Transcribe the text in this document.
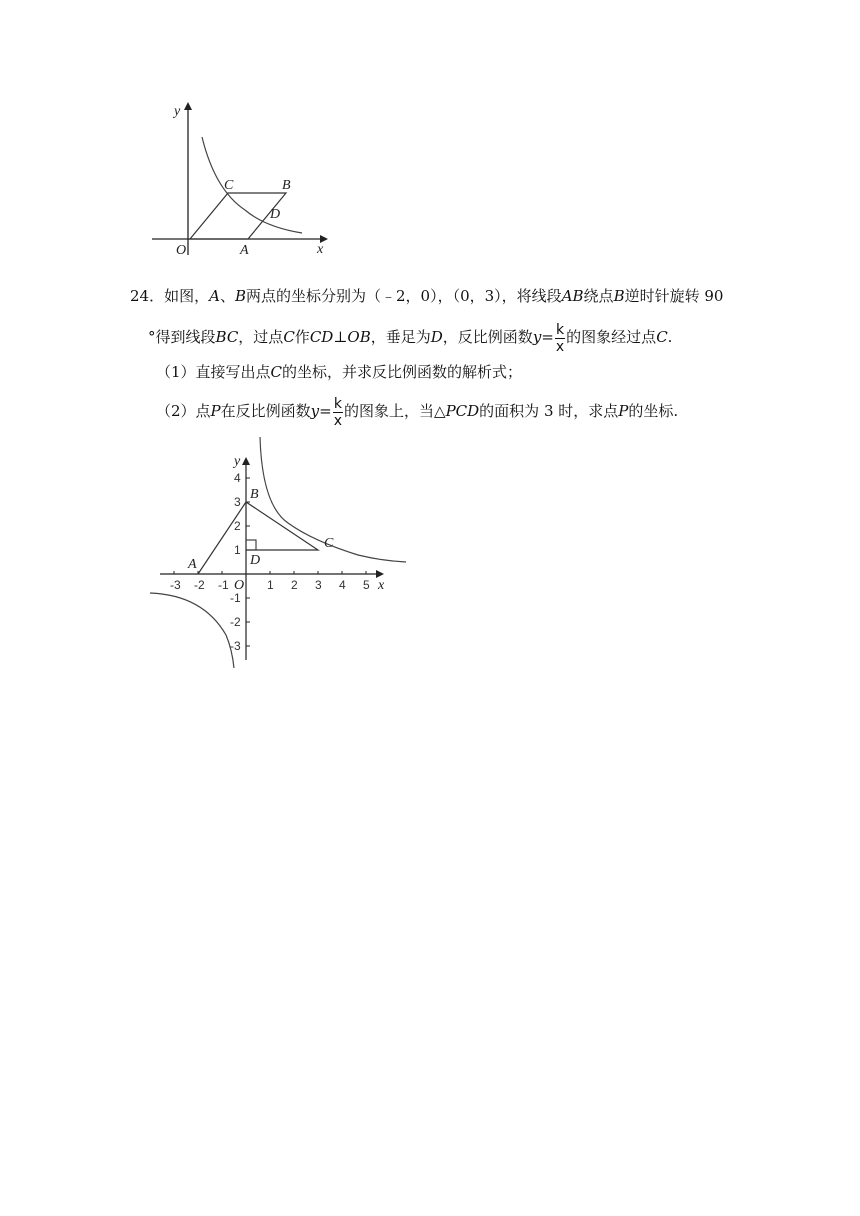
y
x
O	A
B
C
D
24．如图，A、B两点的坐标分别为（﹣2，0），（0，3），将线段AB绕点B逆时针旋转 90
°得到线段BC，过点C作CD⊥OB，垂足为D，反比例函数$y= \frac{k}{x}$ 的图象经过点C.
（1）直接写出点C的坐标，并求反比例函数的解析式；
（2）点P在反比例函数$y= \frac{k}{x}$ 的图象上，当△PCD的面积为 3 时，求点P的坐标.
-3 -2 -1	1 2 3 4 5
4
3
2
1
-1
-2
-3
y
x
O
A
B
C
D
